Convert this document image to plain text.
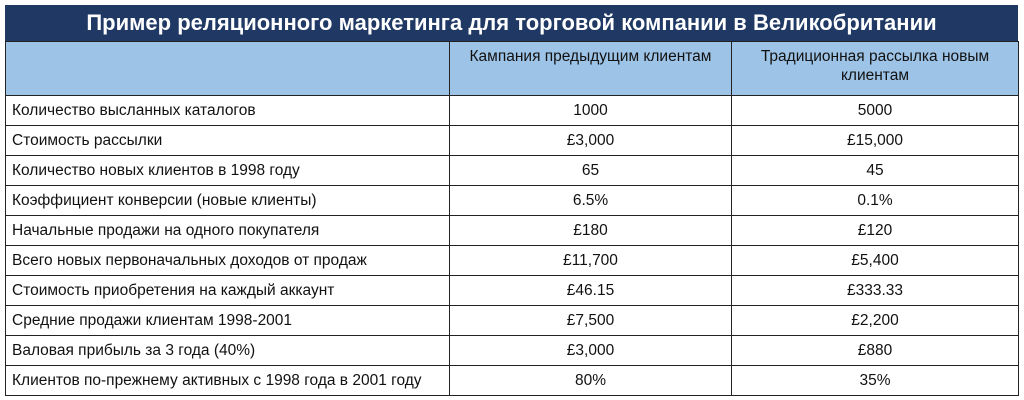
Пример реляционного маркетинга для торговой компании в Великобритании
	Кампания предыдущим клиентам	Традиционная рассылка новым клиентам
Количество высланных каталогов	1000	5000
Стоимость рассылки	£3,000	£15,000
Количество новых клиентов в 1998 году	65	45
Коэффициент конверсии (новые клиенты)	6.5%	0.1%
Начальные продажи на одного покупателя	£180	£120
Всего новых первоначальных доходов от продаж	£11,700	£5,400
Стоимость приобретения на каждый аккаунт	£46.15	£333.33
Средние продажи клиентам 1998-2001	£7,500	£2,200
Валовая прибыль за 3 года (40%)	£3,000	£880
Клиентов по-прежнему активных с 1998 года в 2001 году	80%	35%
